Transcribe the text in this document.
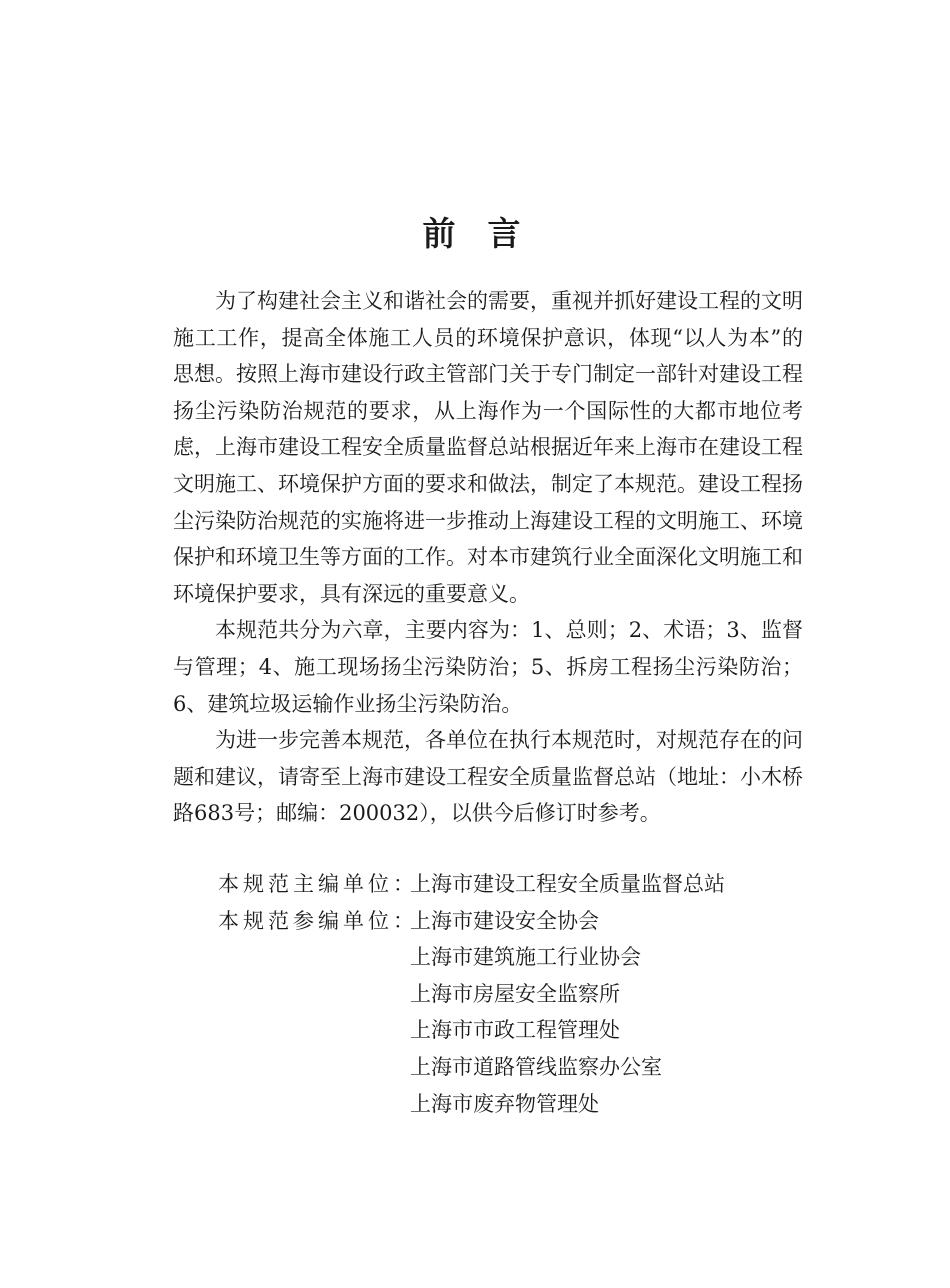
前言

为了构建社会主义和谐社会的需要，重视并抓好建设工程的文明施工工作，提高全体施工人员的环境保护意识，体现“以人为本”的思想。按照上海市建设行政主管部门关于专门制定一部针对建设工程扬尘污染防治规范的要求，从上海作为一个国际性的大都市地位考虑，上海市建设工程安全质量监督总站根据近年来上海市在建设工程文明施工、环境保护方面的要求和做法，制定了本规范。建设工程扬尘污染防治规范的实施将进一步推动上海建设工程的文明施工、环境保护和环境卫生等方面的工作。对本市建筑行业全面深化文明施工和环境保护要求，具有深远的重要意义。

本规范共分为六章，主要内容为：1、总则；2、术语；3、监督与管理；4、施工现场扬尘污染防治；5、拆房工程扬尘污染防治；6、建筑垃圾运输作业扬尘污染防治。

为进一步完善本规范，各单位在执行本规范时，对规范存在的问题和建议，请寄至上海市建设工程安全质量监督总站（地址：小木桥路683号；邮编：200032），以供今后修订时参考。

本规范主编单位：
上海市建设工程安全质量监督总站
本规范参编单位：
上海市建设安全协会
上海市建筑施工行业协会
上海市房屋安全监察所
上海市市政工程管理处
上海市道路管线监察办公室
上海市废弃物管理处
